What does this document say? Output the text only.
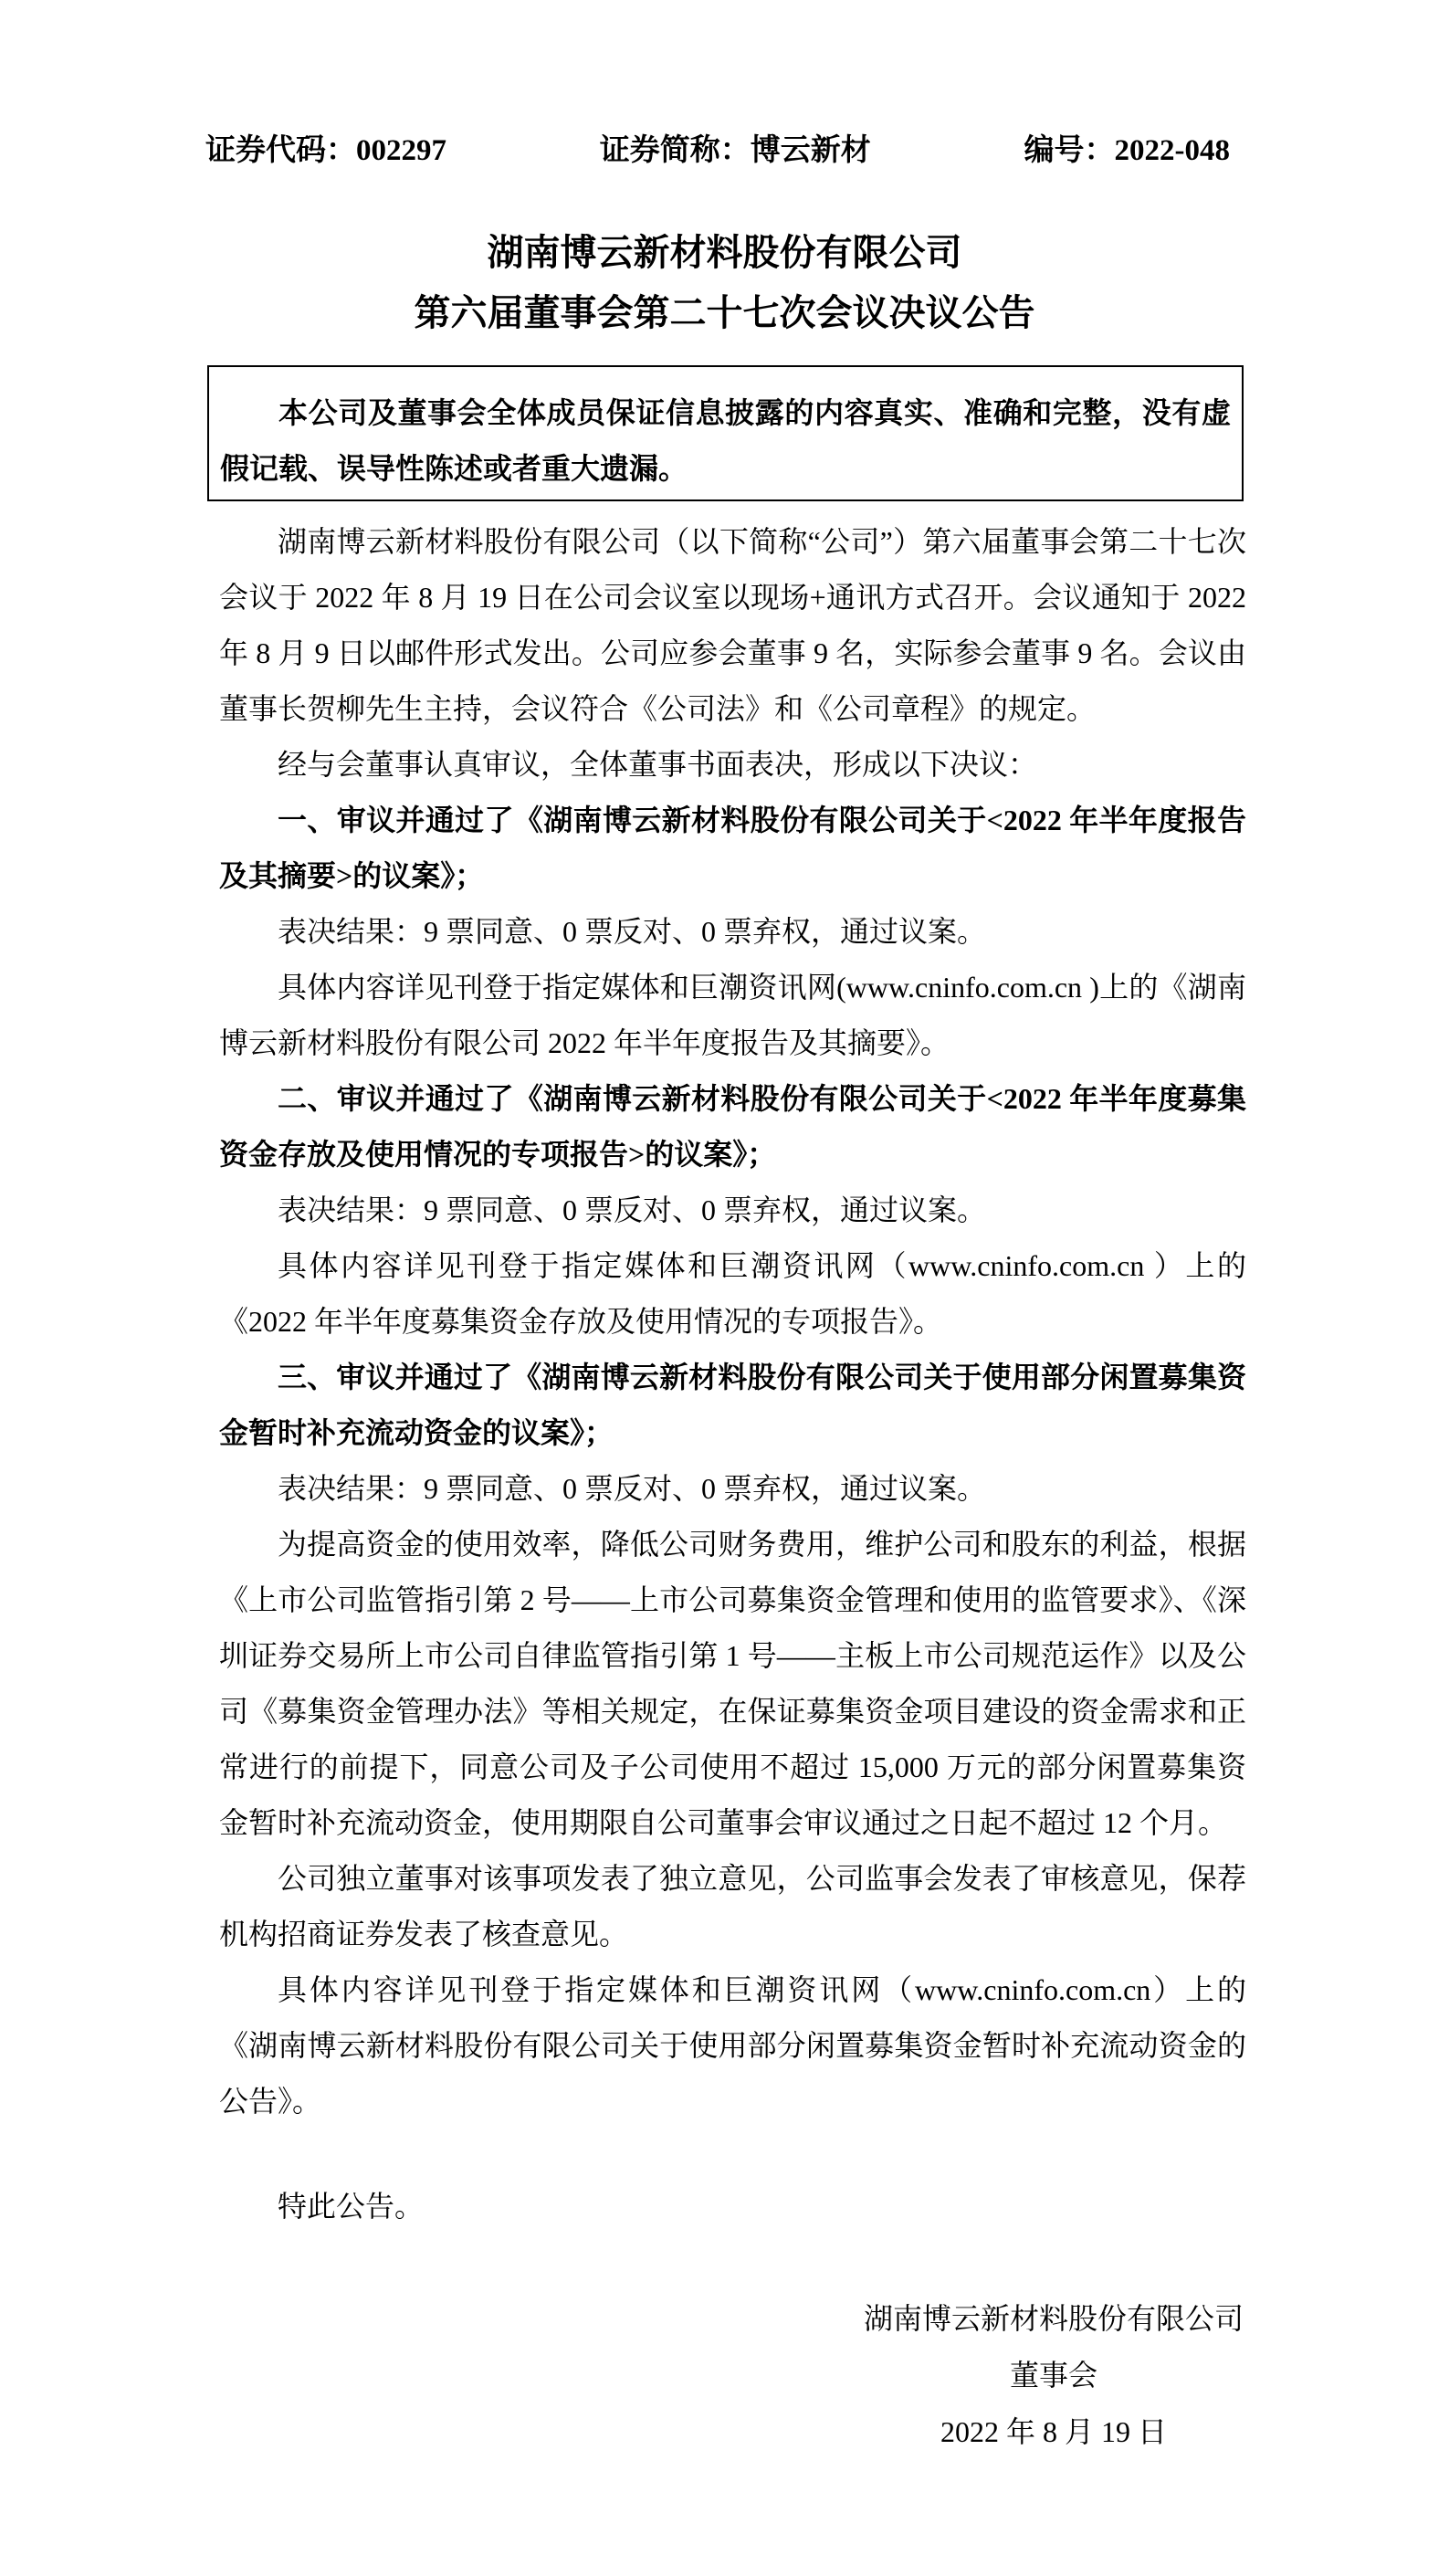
证券代码：002297	证券简称：博云新材	编号：2022-048
湖南博云新材料股份有限公司
第六届董事会第二十七次会议决议公告
本公司及董事会全体成员保证信息披露的内容真实、准确和完整，没有虚假记载、误导性陈述或者重大遗漏。

湖南博云新材料股份有限公司（以下简称“公司”）第六届董事会第二十七次会议于 2022 年 8 月 19 日在公司会议室以现场+通讯方式召开。会议通知于 2022 年 8 月 9 日以邮件形式发出。公司应参会董事 9 名，实际参会董事 9 名。会议由董事长贺柳先生主持，会议符合《公司法》和《公司章程》的规定。

经与会董事认真审议，全体董事书面表决，形成以下决议：

一、审议并通过了《湖南博云新材料股份有限公司关于<2022 年半年度报告及其摘要>的议案》；

表决结果：9 票同意、0 票反对、0 票弃权，通过议案。

具体内容详见刊登于指定媒体和巨潮资讯网(www.cninfo.com.cn )上的《湖南博云新材料股份有限公司 2022 年半年度报告及其摘要》。

二、审议并通过了《湖南博云新材料股份有限公司关于<2022 年半年度募集资金存放及使用情况的专项报告>的议案》；

表决结果：9 票同意、0 票反对、0 票弃权，通过议案。

具体内容详见刊登于指定媒体和巨潮资讯网（www.cninfo.com.cn ）上的《2022 年半年度募集资金存放及使用情况的专项报告》。

三、审议并通过了《湖南博云新材料股份有限公司关于使用部分闲置募集资金暂时补充流动资金的议案》；

表决结果：9 票同意、0 票反对、0 票弃权，通过议案。

为提高资金的使用效率，降低公司财务费用，维护公司和股东的利益，根据《上市公司监管指引第 2 号——上市公司募集资金管理和使用的监管要求》、《深圳证券交易所上市公司自律监管指引第 1 号——主板上市公司规范运作》以及公司《募集资金管理办法》等相关规定，在保证募集资金项目建设的资金需求和正常进行的前提下，同意公司及子公司使用不超过 15,000 万元的部分闲置募集资金暂时补充流动资金，使用期限自公司董事会审议通过之日起不超过 12 个月。

公司独立董事对该事项发表了独立意见，公司监事会发表了审核意见，保荐机构招商证券发表了核查意见。

具体内容详见刊登于指定媒体和巨潮资讯网（www.cninfo.com.cn）上的 《湖南博云新材料股份有限公司关于使用部分闲置募集资金暂时补充流动资金的公告》。

特此公告。
湖南博云新材料股份有限公司
董事会
2022 年 8 月 19 日
